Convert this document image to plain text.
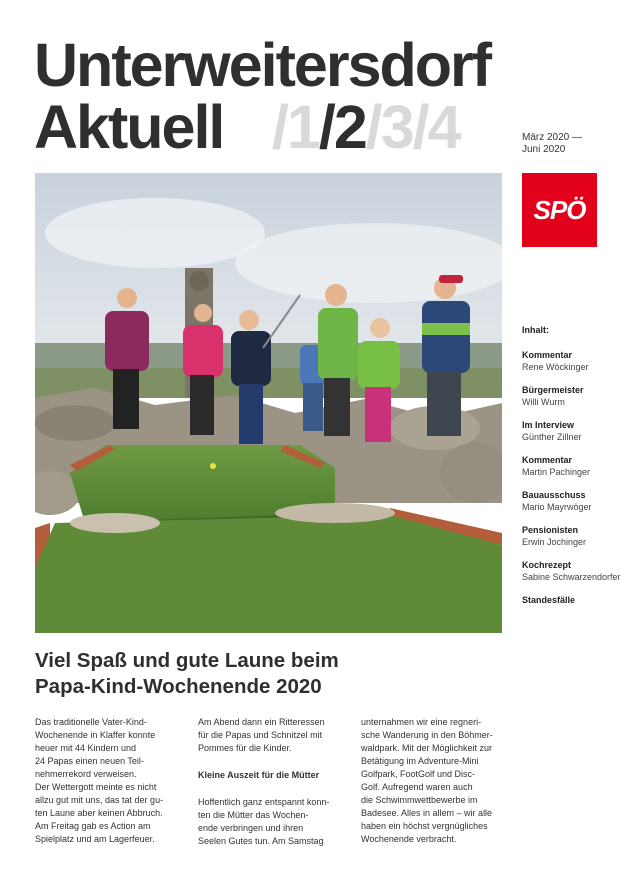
Unterweitersdorf
Aktuell /1/2/3/4	März 2020 —
Juni 2020
SPÖ
Inhalt:
Kommentar
Rene Wöckinger
Bürgermeister
Willi Wurm
Im Interview
Günther Zillner
Kommentar
Martin Pachinger
Bauausschuss
Mario Mayrwöger
Pensionisten
Erwin Jochinger
Kochrezept
Sabine Schwarzendorfer
Standesfälle
Viel Spaß und gute Laune beim
Papa-Kind-Wochenende 2020

Das traditionelle Vater-Kind-

Wochenende in Klaffer konnte

heuer mit 44 Kindern und

24 Papas einen neuen Teil-

nehmerrekord verweisen.

Der Wettergott meinte es nicht

allzu gut mit uns, das tat der gu-

ten Laune aber keinen Abbruch.

Am Freitag gab es Action am

Spielplatz und am Lagerfeuer.

Am Abend dann ein Ritteressen

für die Papas und Schnitzel mit

Pommes für die Kinder.

Kleine Auszeit für die Mütter

Hoffentlich ganz entspannt konn-

ten die Mütter das Wochen-

ende verbringen und ihren

Seelen Gutes tun. Am Samstag

unternahmen wir eine regneri-

sche Wanderung in den Böhmer-

waldpark. Mit der Möglichkeit zur

Betätigung im Adventure-Mini

Golfpark, FootGolf und Disc-

Golf. Aufregend waren auch

die Schwimmwettbewerbe im

Badesee. Alles in allem – wir alle

haben ein höchst vergnügliches

Wochenende verbracht.
